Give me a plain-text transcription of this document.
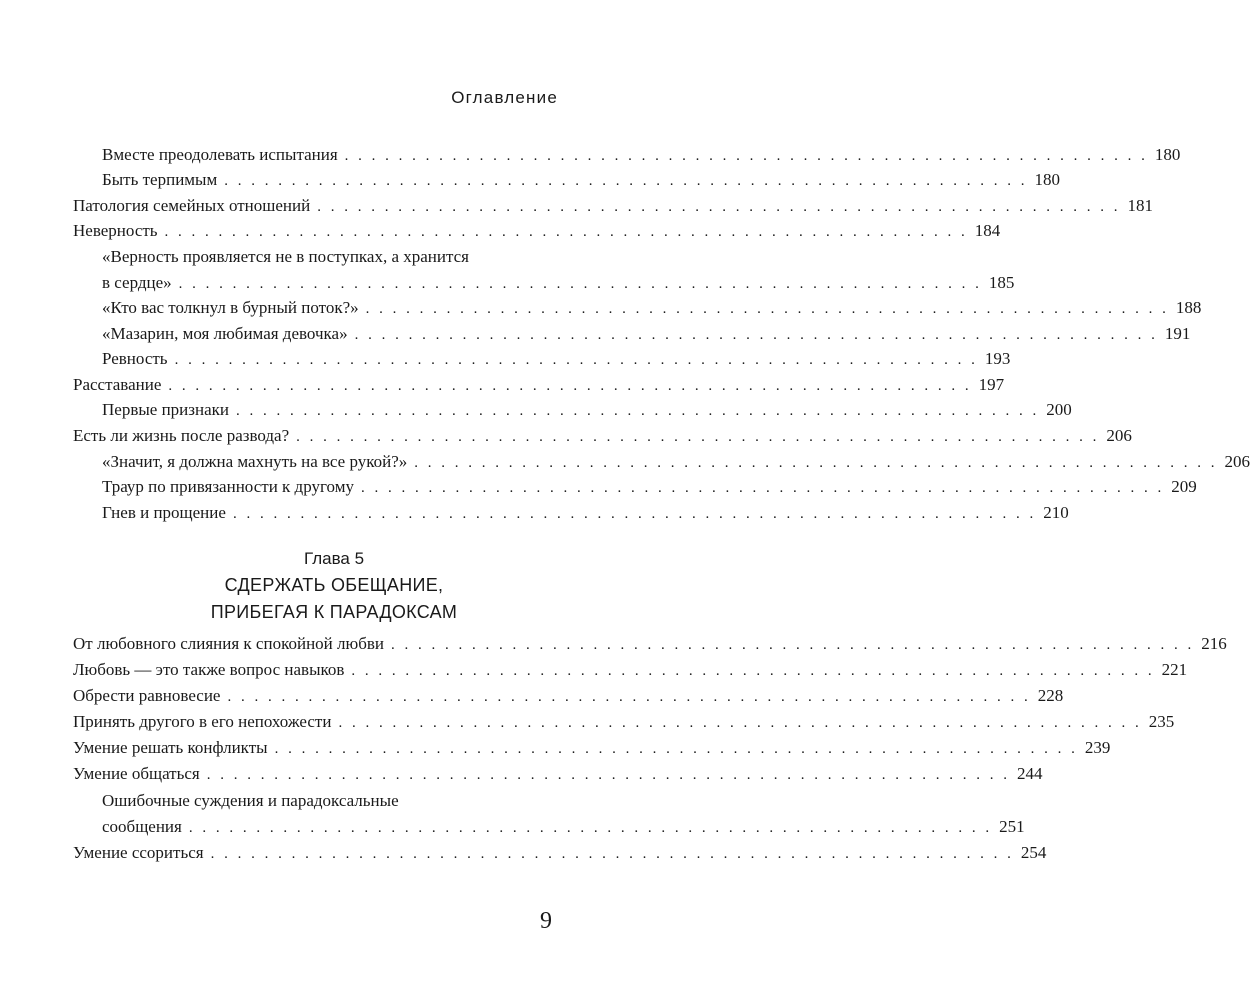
Оглавление
Вместе преодолевать испытания . . . . . . . . . . . . . . . . . . . . . . . . . . . . . . . . . . . . . . . . . . . . . . . . . . . . . . . . . . . . 180
Быть терпимым . . . . . . . . . . . . . . . . . . . . . . . . . . . . . . . . . . . . . . . . . . . . . . . . . . . . . . . . . . . . 180
Патология семейных отношений . . . . . . . . . . . . . . . . . . . . . . . . . . . . . . . . . . . . . . . . . . . . . . . . . . . . . . . . . . . . 181
Неверность . . . . . . . . . . . . . . . . . . . . . . . . . . . . . . . . . . . . . . . . . . . . . . . . . . . . . . . . . . . . 184
«Верность проявляется не в поступках, а хранится
в сердце» . . . . . . . . . . . . . . . . . . . . . . . . . . . . . . . . . . . . . . . . . . . . . . . . . . . . . . . . . . . . 185
«Кто вас толкнул в бурный поток?» . . . . . . . . . . . . . . . . . . . . . . . . . . . . . . . . . . . . . . . . . . . . . . . . . . . . . . . . . . . . 188
«Мазарин, моя любимая девочка» . . . . . . . . . . . . . . . . . . . . . . . . . . . . . . . . . . . . . . . . . . . . . . . . . . . . . . . . . . . . 191
Ревность . . . . . . . . . . . . . . . . . . . . . . . . . . . . . . . . . . . . . . . . . . . . . . . . . . . . . . . . . . . . 193
Расставание . . . . . . . . . . . . . . . . . . . . . . . . . . . . . . . . . . . . . . . . . . . . . . . . . . . . . . . . . . . . 197
Первые признаки . . . . . . . . . . . . . . . . . . . . . . . . . . . . . . . . . . . . . . . . . . . . . . . . . . . . . . . . . . . . 200
Есть ли жизнь после развода? . . . . . . . . . . . . . . . . . . . . . . . . . . . . . . . . . . . . . . . . . . . . . . . . . . . . . . . . . . . . 206
«Значит, я должна махнуть на все рукой?» . . . . . . . . . . . . . . . . . . . . . . . . . . . . . . . . . . . . . . . . . . . . . . . . . . . . . . . . . . . . 206
Траур по привязанности к другому . . . . . . . . . . . . . . . . . . . . . . . . . . . . . . . . . . . . . . . . . . . . . . . . . . . . . . . . . . . . 209
Гнев и прощение . . . . . . . . . . . . . . . . . . . . . . . . . . . . . . . . . . . . . . . . . . . . . . . . . . . . . . . . . . . . 210
Глава 5
СДЕРЖАТЬ ОБЕЩАНИЕ,
ПРИБЕГАЯ К ПАРАДОКСАМ
От любовного слияния к спокойной любви . . . . . . . . . . . . . . . . . . . . . . . . . . . . . . . . . . . . . . . . . . . . . . . . . . . . . . . . . . . . 216
Любовь — это также вопрос навыков . . . . . . . . . . . . . . . . . . . . . . . . . . . . . . . . . . . . . . . . . . . . . . . . . . . . . . . . . . . . 221
Обрести равновесие . . . . . . . . . . . . . . . . . . . . . . . . . . . . . . . . . . . . . . . . . . . . . . . . . . . . . . . . . . . . 228
Принять другого в его непохожести . . . . . . . . . . . . . . . . . . . . . . . . . . . . . . . . . . . . . . . . . . . . . . . . . . . . . . . . . . . . 235
Умение решать конфликты . . . . . . . . . . . . . . . . . . . . . . . . . . . . . . . . . . . . . . . . . . . . . . . . . . . . . . . . . . . . 239
Умение общаться . . . . . . . . . . . . . . . . . . . . . . . . . . . . . . . . . . . . . . . . . . . . . . . . . . . . . . . . . . . . 244
Ошибочные суждения и парадоксальные
сообщения . . . . . . . . . . . . . . . . . . . . . . . . . . . . . . . . . . . . . . . . . . . . . . . . . . . . . . . . . . . . 251
Умение ссориться . . . . . . . . . . . . . . . . . . . . . . . . . . . . . . . . . . . . . . . . . . . . . . . . . . . . . . . . . . . . 254
9
